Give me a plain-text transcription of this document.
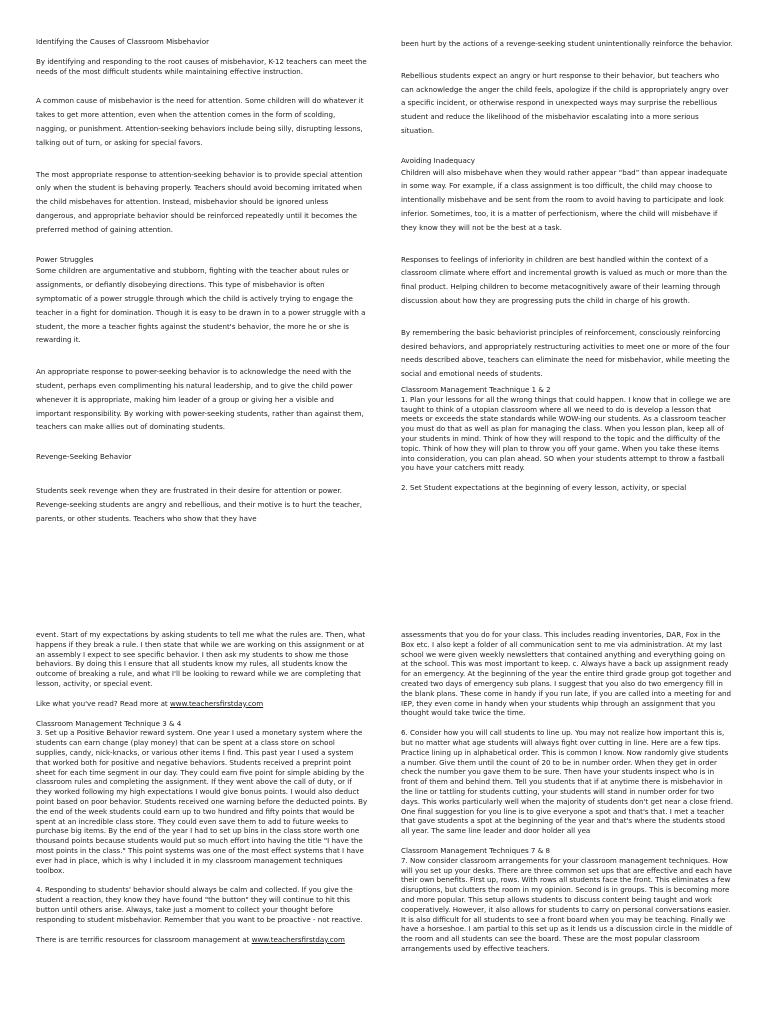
Identifying the Causes of Classroom Misbehavior

By identifying and responding to the root causes of misbehavior, K-12 teachers can meet the needs of the most difficult students while maintaining effective instruction.

A common cause of misbehavior is the need for attention. Some children will do whatever it takes to get more attention, even when the attention comes in the form of scolding, nagging, or punishment. Attention-seeking behaviors include being silly, disrupting lessons, talking out of turn, or asking for special favors.

The most appropriate response to attention-seeking behavior is to provide special attention only when the student is behaving properly. Teachers should avoid becoming irritated when the child misbehaves for attention. Instead, misbehavior should be ignored unless dangerous, and appropriate behavior should be reinforced repeatedly until it becomes the preferred method of gaining attention.

Power Struggles

Some children are argumentative and stubborn, fighting with the teacher about rules or assignments, or defiantly disobeying directions. This type of misbehavior is often symptomatic of a power struggle through which the child is actively trying to engage the teacher in a fight for domination. Though it is easy to be drawn in to a power struggle with a student, the more a teacher fights against the student's behavior, the more he or she is rewarding it.

An appropriate response to power-seeking behavior is to acknowledge the need with the student, perhaps even complimenting his natural leadership, and to give the child power whenever it is appropriate, making him leader of a group or giving her a visible and important responsibility. By working with power-seeking students, rather than against them, teachers can make allies out of dominating students.

Revenge-Seeking Behavior

Students seek revenge when they are frustrated in their desire for attention or power. Revenge-seeking students are angry and rebellious, and their motive is to hurt the teacher, parents, or other students. Teachers who show that they have

been hurt by the actions of a revenge-seeking student unintentionally reinforce the behavior.

Rebellious students expect an angry or hurt response to their behavior, but teachers who can acknowledge the anger the child feels, apologize if the child is appropriately angry over a specific incident, or otherwise respond in unexpected ways may surprise the rebellious student and reduce the likelihood of the misbehavior escalating into a more serious situation.

Avoiding Inadequacy

Children will also misbehave when they would rather appear “bad” than appear inadequate in some way. For example, if a class assignment is too difficult, the child may choose to intentionally misbehave and be sent from the room to avoid having to participate and look inferior. Sometimes, too, it is a matter of perfectionism, where the child will misbehave if they know they will not be the best at a task.

Responses to feelings of inferiority in children are best handled within the context of a classroom climate where effort and incremental growth is valued as much or more than the final product. Helping children to become metacognitively aware of their learning through discussion about how they are progressing puts the child in charge of his growth.

By remembering the basic behaviorist principles of reinforcement, consciously reinforcing desired behaviors, and appropriately restructuring activities to meet one or more of the four needs described above, teachers can eliminate the need for misbehavior, while meeting the social and emotional needs of students.

Classroom Management Teachnique 1 & 2

1. Plan your lessons for all the wrong things that could happen. I know that in college we are taught to think of a utopian classroom where all we need to do is develop a lesson that meets or exceeds the state standards while WOW-ing our students. As a classroom teacher you must do that as well as plan for managing the class. When you lesson plan, keep all of your students in mind. Think of how they will respond to the topic and the difficulty of the topic. Think of how they will plan to throw you off your game. When you take these items into consideration, you can plan ahead. SO when your students attempt to throw a fastball you have your catchers mitt ready.

2. Set Student expectations at the beginning of every lesson, activity, or special

event. Start of my expectations by asking students to tell me what the rules are. Then, what happens if they break a rule. I then state that while we are working on this assignment or at an assembly I expect to see specific behavior. I then ask my students to show me those behaviors. By doing this I ensure that all students know my rules, all students know the outcome of breaking a rule, and what I'll be looking to reward while we are completing that lesson, activity, or special event.

Like what you've read? Read more at www.teachersfirstday.com

Classroom Management Technique 3 & 4

3. Set up a Positive Behavior reward system. One year I used a monetary system where the students can earn change (play money) that can be spent at a class store on school supplies, candy, nick-knacks, or various other items I find. This past year I used a system that worked both for positive and negative behaviors. Students received a preprint point sheet for each time segment in our day. They could earn five point for simple abiding by the classroom rules and completing the assignment. If they went above the call of duty, or if they worked following my high expectations I would give bonus points. I would also deduct point based on poor behavior. Students received one warning before the deducted points. By the end of the week students could earn up to two hundred and fifty points that would be spent at an incredible class store. They could even save them to add to future weeks to purchase big items. By the end of the year I had to set up bins in the class store worth one thousand points because students would put so much effort into having the title "I have the most points in the class." This point systems was one of the most effect systems that I have ever had in place, which is why I included it in my classroom management techniques toolbox.

4. Responding to students' behavior should always be calm and collected. If you give the student a reaction, they know they have found "the button" they will continue to hit this button until others arise. Always, take just a moment to collect your thought before responding to student misbehavior. Remember that you want to be proactive - not reactive.

There is are terrific resources for classroom management at www.teachersfirstday.com

assessments that you do for your class. This includes reading inventories, DAR, Fox in the Box etc. I also kept a folder of all communication sent to me via administration. At my last school we were given weekly newsletters that contained anything and everything going on at the school. This was most important to keep. c. Always have a back up assignment ready for an emergency. At the beginning of the year the entire third grade group got together and created two days of emergency sub plans. I suggest that you also do two emergency fill in the blank plans. These come in handy if you run late, if you are called into a meeting for and IEP, they even come in handy when your students whip through an assignment that you thought would take twice the time.

6. Consider how you will call students to line up. You may not realize how important this is, but no matter what age students will always fight over cutting in line. Here are a few tips. Practice lining up in alphabetical order. This is common I know. Now randomly give students a number. Give them until the count of 20 to be in number order. When they get in order check the number you gave them to be sure. Then have your students inspect who is in front of them and behind them. Tell you students that if at anytime there is misbehavior in the line or tattling for students cutting, your students will stand in number order for two days. This works particularly well when the majority of students don't get near a close friend. One final suggestion for you line is to give everyone a spot and that's that. I met a teacher that gave students a spot at the beginning of the year and that's where the students stood all year. The same line leader and door holder all yea

Classroom Management Techniques 7 & 8

7. Now consider classroom arrangements for your classroom management techniques. How will you set up your desks. There are three common set ups that are effective and each have their own benefits. First up, rows. With rows all students face the front. This eliminates a few disruptions, but clutters the room in my opinion. Second is in groups. This is becoming more and more popular. This setup allows students to discuss content being taught and work cooperatively. However, it also allows for students to carry on personal conversations easier. It is also difficult for all students to see a front board when you may be teaching. Finally we have a horseshoe. I am partial to this set up as it lends us a discussion circle in the middle of the room and all students can see the board. These are the most popular classroom arrangements used by effective teachers.
